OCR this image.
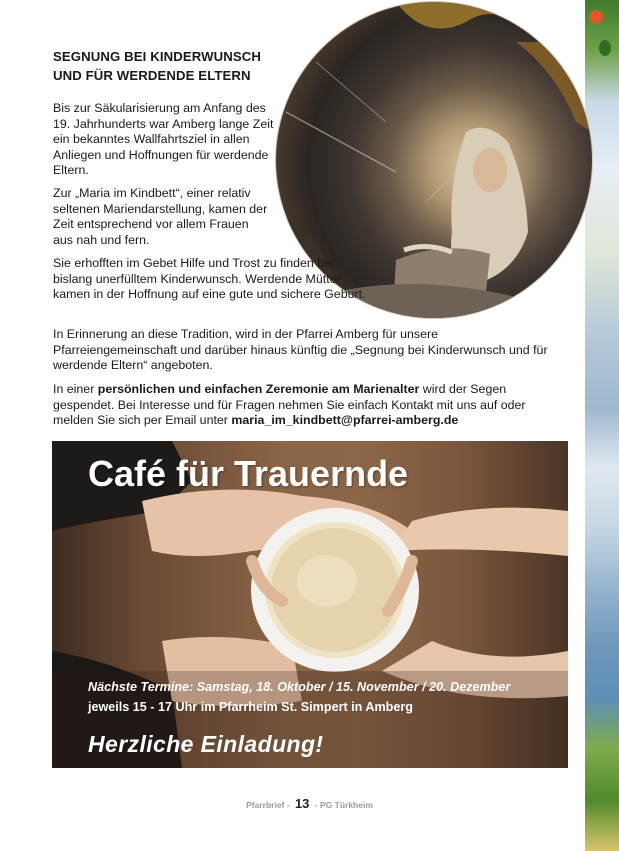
SEGNUNG BEI KINDERWUNSCH
UND FÜR WERDENDE ELTERN
Bis zur Säkularisierung am Anfang des 19. Jahrhunderts war Amberg lange Zeit ein bekanntes Wallfahrtsziel in allen Anliegen und Hoffnungen für werdende Eltern.
Zur „Maria im Kindbett“, einer relativ seltenen Mariendarstellung, kamen der Zeit entsprechend vor allem Frauen aus nah und fern.
Sie erhofften im Gebet Hilfe und Trost zu finden bei bislang unerfülltem Kinderwunsch. Werdende Mütter kamen in der Hoffnung auf eine gute und sichere Geburt.
In Erinnerung an diese Tradition, wird in der Pfarrei Amberg für unsere Pfarreiengemeinschaft und darüber hinaus künftig die „Segnung bei Kinderwunsch und für werdende Eltern“ angeboten.
In einer persönlichen und einfachen Zeremonie am Marienalter wird der Segen gespendet. Bei Interesse und für Fragen nehmen Sie einfach Kontakt mit uns auf oder melden Sie sich per Email unter maria_im_kindbett@pfarrei-amberg.de
Café für Trauernde
Nächste Termine: Samstag, 18. Oktober / 15. November / 20. Dezember
jeweils 15 - 17 Uhr im Pfarrheim St. Simpert in Amberg
Herzliche Einladung!
Pfarrbrief - 13 - PG Türkheim
